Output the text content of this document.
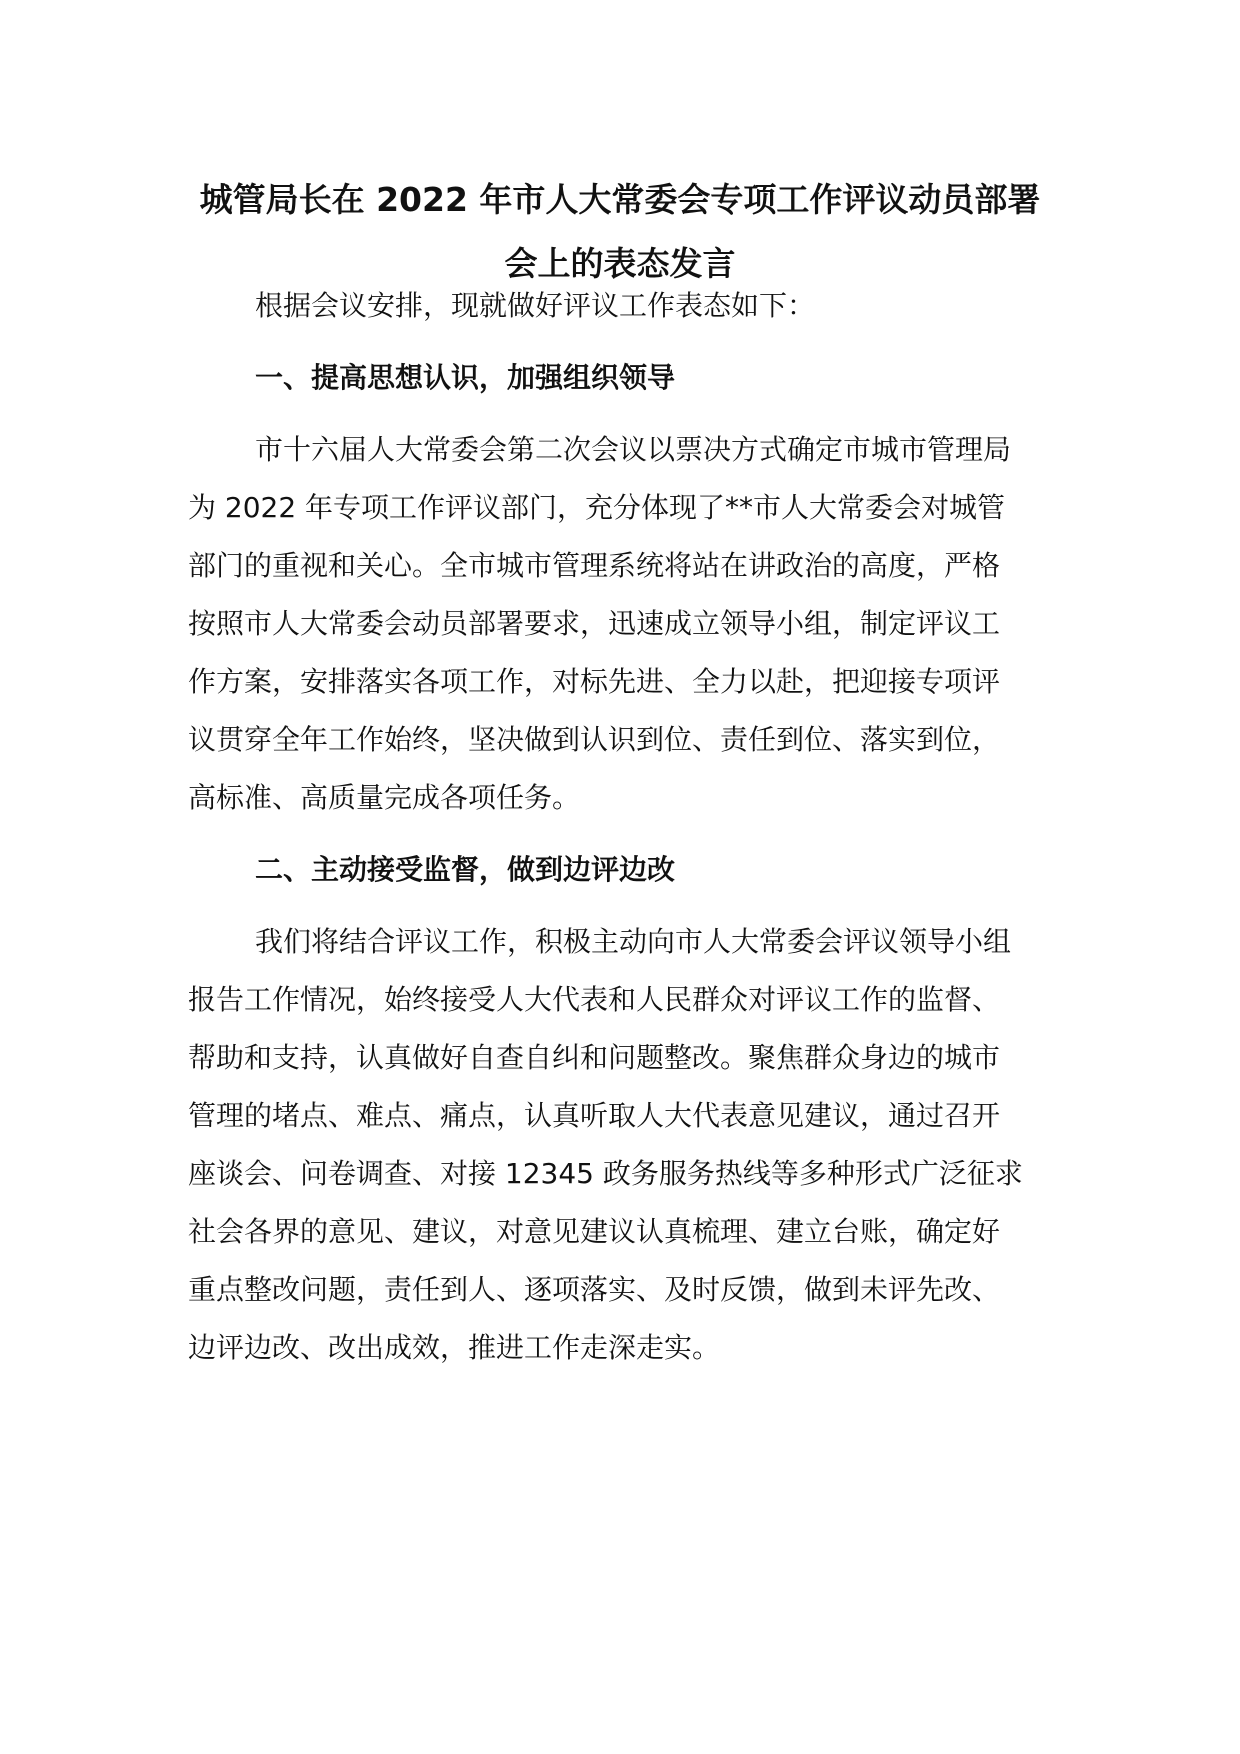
城管局长在 2022 年市人大常委会专项工作评议动员部署
会上的表态发言

根据会议安排，现就做好评议工作表态如下：

一、提高思想认识，加强组织领导

市十六届人大常委会第二次会议以票决方式确定市城市管理局

为 2022 年专项工作评议部门，充分体现了**市人大常委会对城管

部门的重视和关心。全市城市管理系统将站在讲政治的高度，严格

按照市人大常委会动员部署要求，迅速成立领导小组，制定评议工

作方案，安排落实各项工作，对标先进、全力以赴，把迎接专项评

议贯穿全年工作始终，坚决做到认识到位、责任到位、落实到位，

高标准、高质量完成各项任务。

二、主动接受监督，做到边评边改

我们将结合评议工作，积极主动向市人大常委会评议领导小组

报告工作情况，始终接受人大代表和人民群众对评议工作的监督、

帮助和支持，认真做好自查自纠和问题整改。聚焦群众身边的城市

管理的堵点、难点、痛点，认真听取人大代表意见建议，通过召开

座谈会、问卷调查、对接 12345 政务服务热线等多种形式广泛征求

社会各界的意见、建议，对意见建议认真梳理、建立台账，确定好

重点整改问题，责任到人、逐项落实、及时反馈，做到未评先改、

边评边改、改出成效，推进工作走深走实。
